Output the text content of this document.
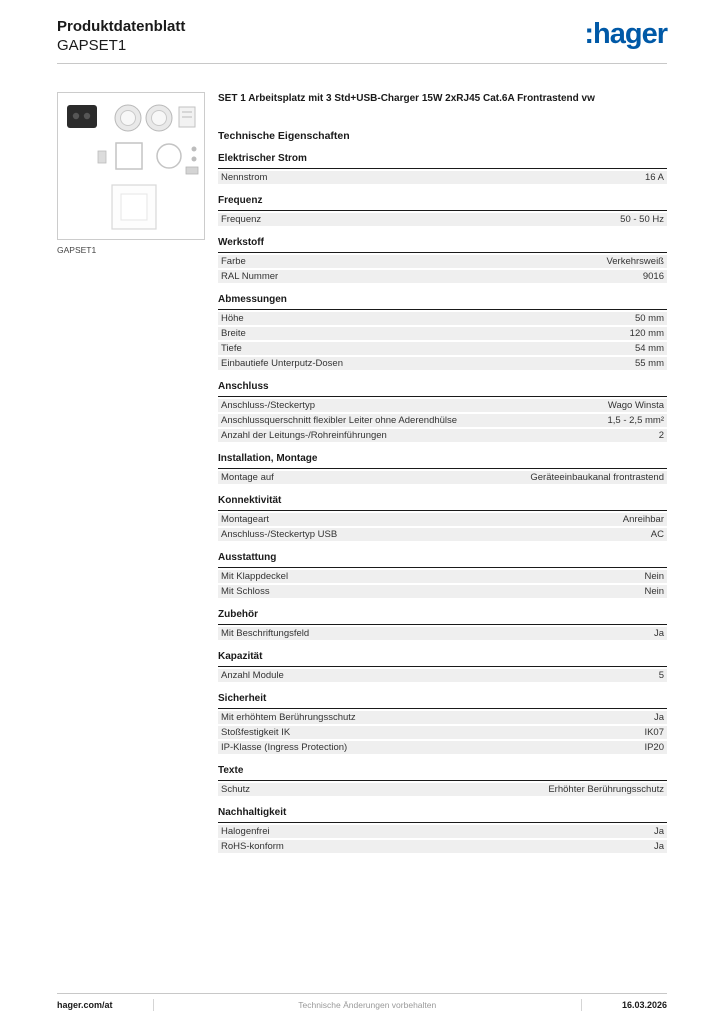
Produktdatenblatt
GAPSET1	:hager
GAPSET1
SET 1 Arbeitsplatz mit 3 Std+USB-Charger 15W 2xRJ45 Cat.6A Frontrastend vw
Technische Eigenschaften
Elektrischer Strom
Nennstrom	16 A
Frequenz
Frequenz	50 - 50 Hz
Werkstoff
Farbe	Verkehrsweiß
RAL Nummer	9016
Abmessungen
Höhe	50 mm
Breite	120 mm
Tiefe	54 mm
Einbautiefe Unterputz-Dosen	55 mm
Anschluss
Anschluss-/Steckertyp	Wago Winsta
Anschlussquerschnitt flexibler Leiter ohne Aderendhülse	1,5 - 2,5 mm²
Anzahl der Leitungs-/Rohreinführungen	2
Installation, Montage
Montage auf	Geräteeinbaukanal frontrastend
Konnektivität
Montageart	Anreihbar
Anschluss-/Steckertyp USB	AC
Ausstattung
Mit Klappdeckel	Nein
Mit Schloss	Nein
Zubehör
Mit Beschriftungsfeld	Ja
Kapazität
Anzahl Module	5
Sicherheit
Mit erhöhtem Berührungsschutz	Ja
Stoßfestigkeit IK	IK07
IP-Klasse (Ingress Protection)	IP20
Texte
Schutz	Erhöhter Berührungsschutz
Nachhaltigkeit
Halogenfrei	Ja
RoHS-konform	Ja
hager.com/at	Technische Änderungen vorbehalten	16.03.2026
